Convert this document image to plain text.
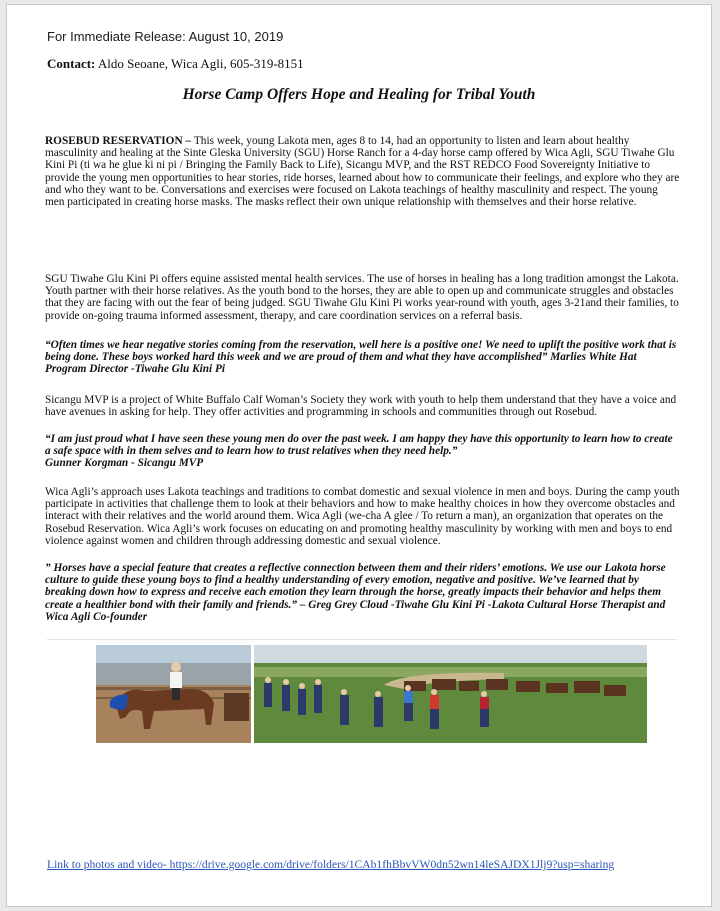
For Immediate Release: August 10, 2019
Contact: Aldo Seoane, Wica Agli, 605-319-8151
Horse Camp Offers Hope and Healing for Tribal Youth

ROSEBUD RESERVATION – This week, young Lakota men, ages 8 to 14, had an opportunity to listen and learn about healthy masculinity and healing at the Sinte Gleska University (SGU) Horse Ranch for a 4-day horse camp offered by Wica Agli, SGU Tiwahe Glu Kini Pi (ti wa he glue ki ni pi / Bringing the Family Back to Life), Sicangu MVP, and the RST REDCO Food Sovereignty Initiative to provide the young men opportunities to hear stories, ride horses, learned about how to communicate their feelings, and explore who they are and who they want to be. Conversations and exercises were focused on Lakota teachings of healthy masculinity and respect. The young men participated in creating horse masks. The masks reflect their own unique relationship with themselves and their horse relative.

SGU Tiwahe Glu Kini Pi offers equine assisted mental health services. The use of horses in healing has a long tradition amongst the Lakota. Youth partner with their horse relatives. As the youth bond to the horses, they are able to open up and communicate struggles and obstacles that they are facing with out the fear of being judged. SGU Tiwahe Glu Kini Pi works year-round with youth, ages 3-21and their families, to provide on-going trauma informed assessment, therapy, and care coordination services on a referral basis.

“Often times we hear negative stories coming from the reservation, well here is a positive one! We need to uplift the positive work that is being done. These boys worked hard this week and we are proud of them and what they have accomplished” Marlies White Hat Program Director -Tiwahe Glu Kini Pi

Sicangu MVP is a project of White Buffalo Calf Woman’s Society they work with youth to help them understand that they have a voice and have avenues in asking for help. They offer activities and programming in schools and communities through out Rosebud.

“I am just proud what I have seen these young men do over the past week. I am happy they have this opportunity to learn how to create a safe space with in them selves and to learn how to trust relatives when they need help.”
Gunner Korgman - Sicangu MVP

Wica Agli’s approach uses Lakota teachings and traditions to combat domestic and sexual violence in men and boys. During the camp youth participate in activities that challenge them to look at their behaviors and how to make healthy choices in how they overcome obstacles and interact with their relatives and the world around them. Wica Agli (we-cha A glee / To return a man), an organization that operates on the Rosebud Reservation. Wica Agli’s work focuses on educating on and promoting healthy masculinity by working with men and boys to end violence against women and children through addressing domestic and sexual violence.

” Horses have a special feature that creates a reflective connection between them and their riders’ emotions. We use our Lakota horse culture to guide these young boys to find a healthy understanding of every emotion, negative and positive. We’ve learned that by breaking down how to express and receive each emotion they learn through the horse, greatly impacts their behavior and helps them create a healthier bond with their family and friends.” – Greg Grey Cloud -Tiwahe Glu Kini Pi -Lakota Cultural Horse Therapist and Wica Agli Co-founder

Link to photos and video- https://drive.google.com/drive/folders/1CAb1fhBbvVW0dn52wn14leSAJDX1Jlj9?usp=sharing
